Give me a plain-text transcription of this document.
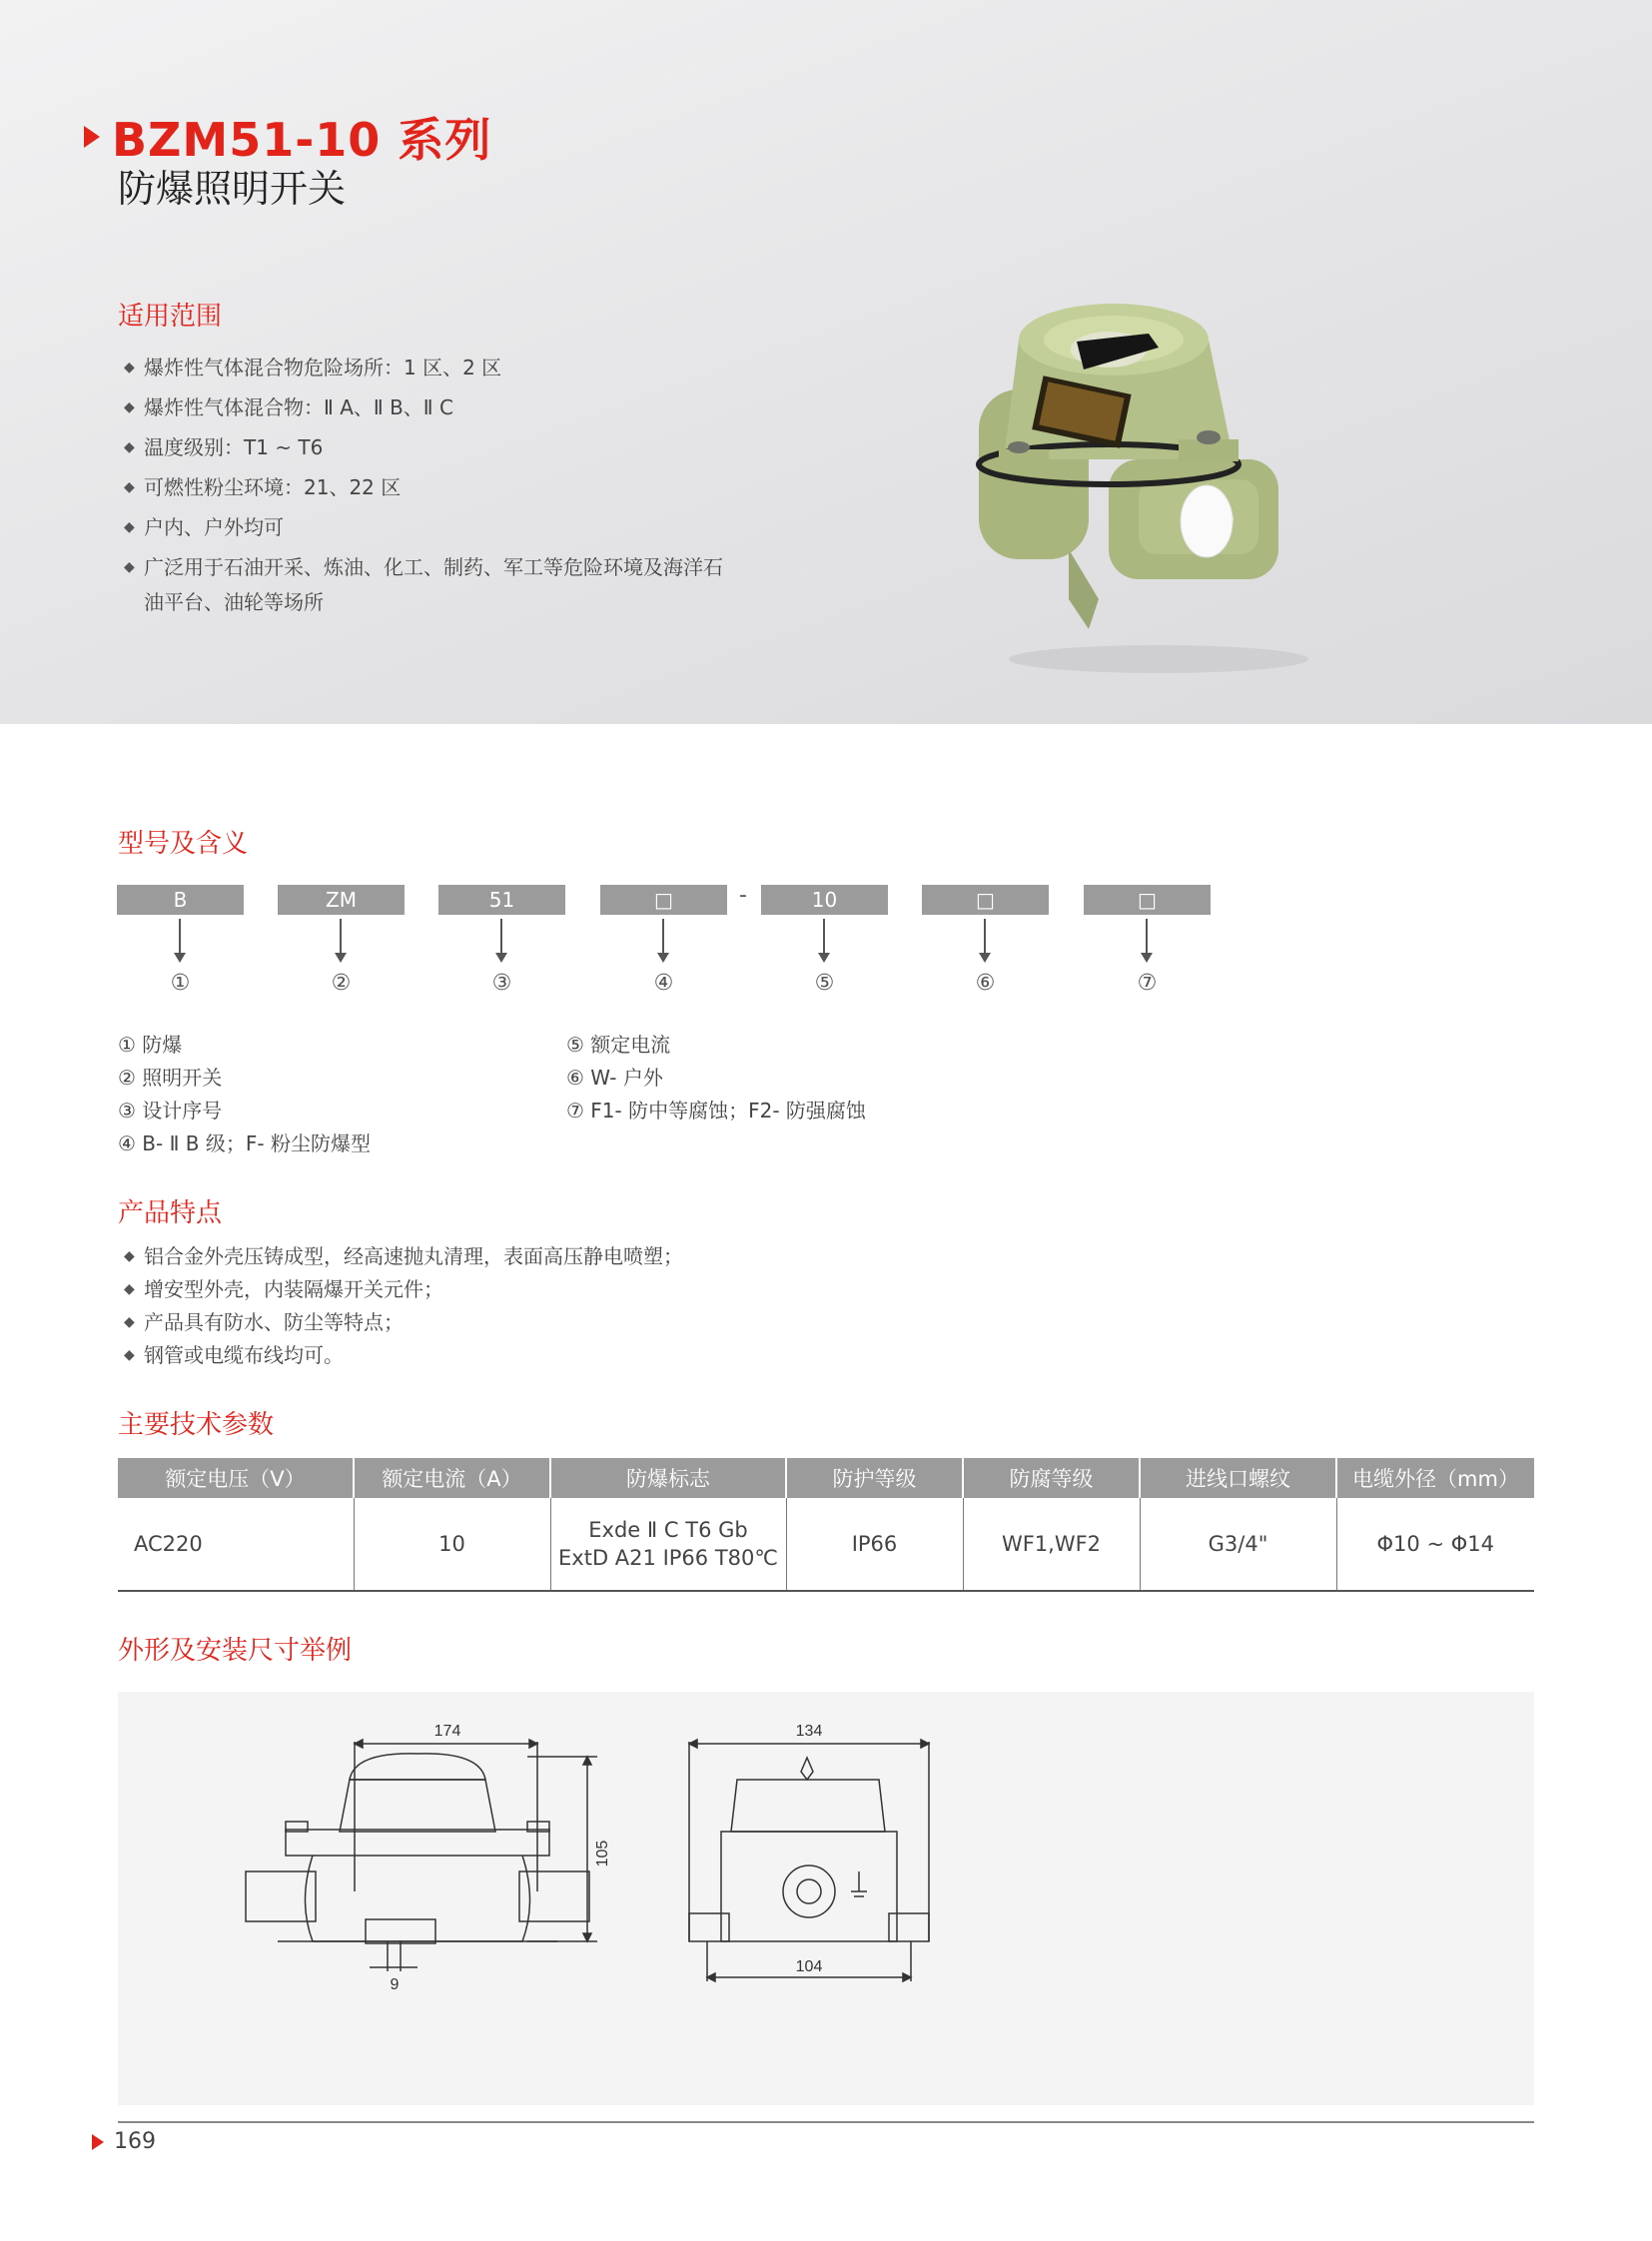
BZM51-10 系列
防爆照明开关
适用范围
◆ 爆炸性气体混合物危险场所：1 区、2 区
◆ 爆炸性气体混合物：Ⅱ A、Ⅱ B、Ⅱ C
◆ 温度级别：T1 ~ T6
◆ 可燃性粉尘环境：21、22 区
◆ 户内、户外均可
◆ 广泛用于石油开采、炼油、化工、制药、军工等危险环境及海洋石
油平台、油轮等场所
型号及含义
B	ZM	51	□	-	10	□	□
①	②	③	④	⑤	⑥	⑦
① 防爆
② 照明开关
③ 设计序号
④ B- Ⅱ B 级；F- 粉尘防爆型
⑤ 额定电流
⑥ W- 户外
⑦ F1- 防中等腐蚀；F2- 防强腐蚀
产品特点
◆ 铝合金外壳压铸成型，经高速抛丸清理，表面高压静电喷塑；
◆ 增安型外壳，内装隔爆开关元件；
◆ 产品具有防水、防尘等特点；
◆ 钢管或电缆布线均可。
主要技术参数
额定电压（V）	额定电流（A）	防爆标志	防护等级	防腐等级	进线口螺纹	电缆外径（mm）
AC220	10	Exde Ⅱ C T6 Gb
ExtD A21 IP66 T80℃	IP66	WF1,WF2	G3/4"	Φ10 ~ Φ14
外形及安装尺寸举例
174
105
9
134
104
169
